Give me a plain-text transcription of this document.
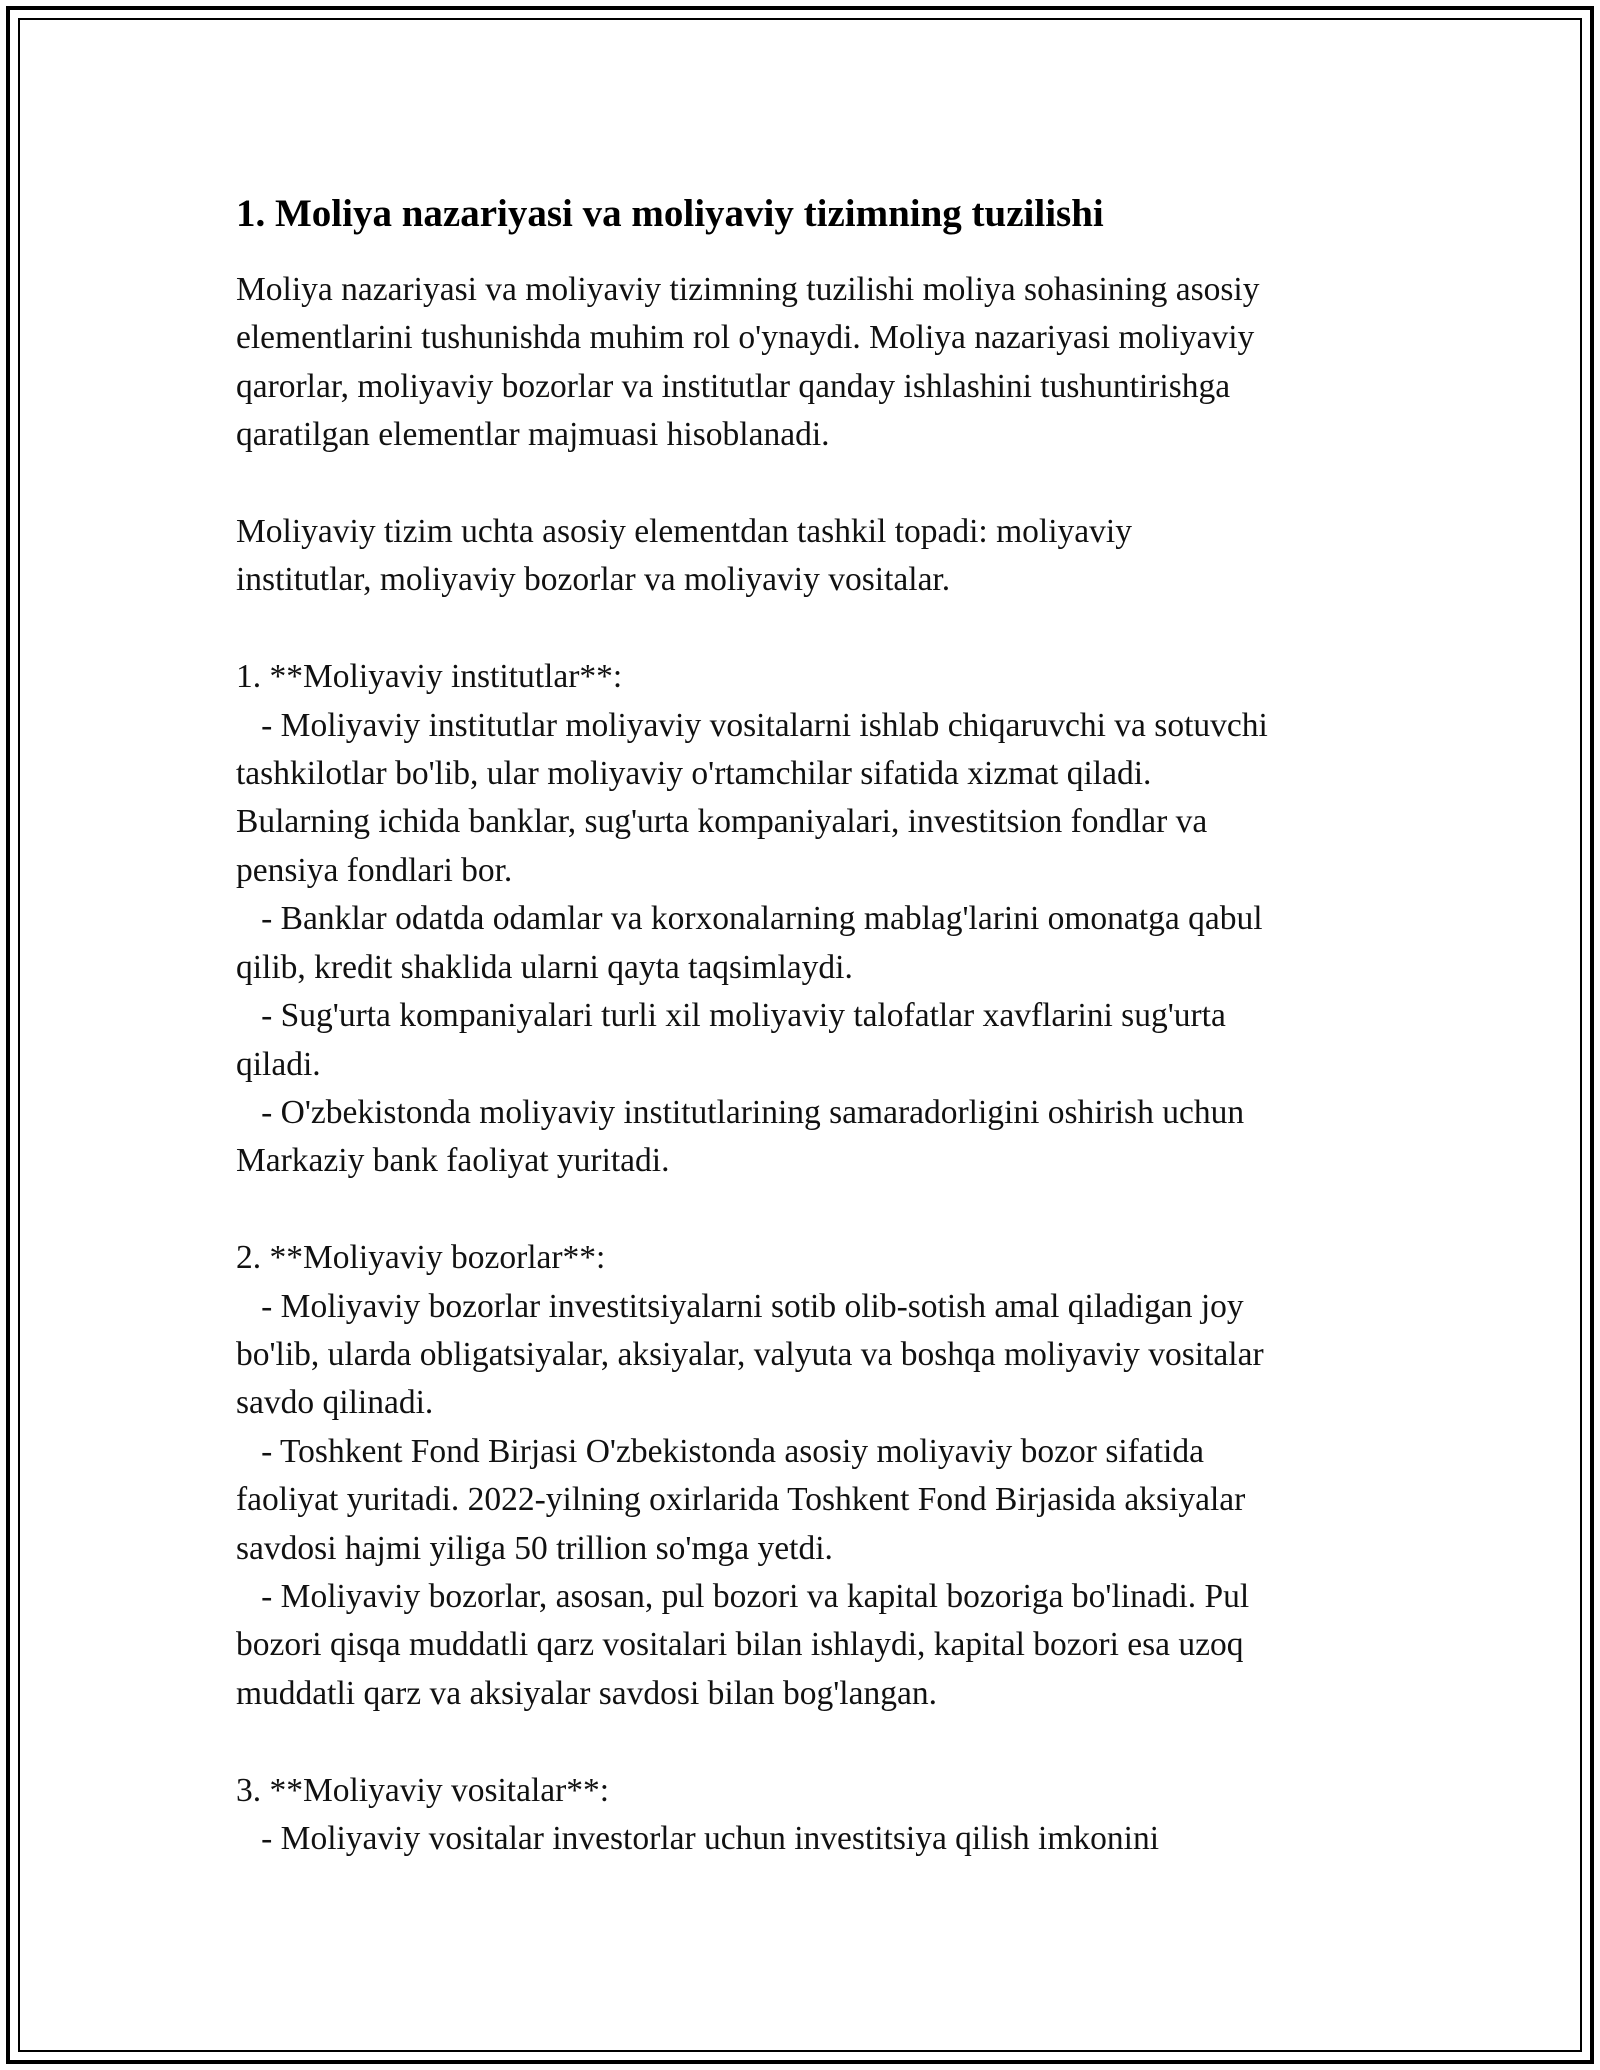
1. Moliya nazariyasi va moliyaviy tizimning tuzilishi

Moliya nazariyasi va moliyaviy tizimning tuzilishi moliya sohasining asosiy
elementlarini tushunishda muhim rol o'ynaydi. Moliya nazariyasi moliyaviy
qarorlar, moliyaviy bozorlar va institutlar qanday ishlashini tushuntirishga
qaratilgan elementlar majmuasi hisoblanadi.

Moliyaviy tizim uchta asosiy elementdan tashkil topadi: moliyaviy
institutlar, moliyaviy bozorlar va moliyaviy vositalar.

1. **Moliyaviy institutlar**:
- Moliyaviy institutlar moliyaviy vositalarni ishlab chiqaruvchi va sotuvchi
tashkilotlar bo'lib, ular moliyaviy o'rtamchilar sifatida xizmat qiladi.
Bularning ichida banklar, sug'urta kompaniyalari, investitsion fondlar va
pensiya fondlari bor.
- Banklar odatda odamlar va korxonalarning mablag'larini omonatga qabul
qilib, kredit shaklida ularni qayta taqsimlaydi.
- Sug'urta kompaniyalari turli xil moliyaviy talofatlar xavflarini sug'urta
qiladi.
- O'zbekistonda moliyaviy institutlarining samaradorligini oshirish uchun
Markaziy bank faoliyat yuritadi.

2. **Moliyaviy bozorlar**:
- Moliyaviy bozorlar investitsiyalarni sotib olib-sotish amal qiladigan joy
bo'lib, ularda obligatsiyalar, aksiyalar, valyuta va boshqa moliyaviy vositalar
savdo qilinadi.
- Toshkent Fond Birjasi O'zbekistonda asosiy moliyaviy bozor sifatida
faoliyat yuritadi. 2022-yilning oxirlarida Toshkent Fond Birjasida aksiyalar
savdosi hajmi yiliga 50 trillion so'mga yetdi.
- Moliyaviy bozorlar, asosan, pul bozori va kapital bozoriga bo'linadi. Pul
bozori qisqa muddatli qarz vositalari bilan ishlaydi, kapital bozori esa uzoq
muddatli qarz va aksiyalar savdosi bilan bog'langan.

3. **Moliyaviy vositalar**:
- Moliyaviy vositalar investorlar uchun investitsiya qilish imkonini
